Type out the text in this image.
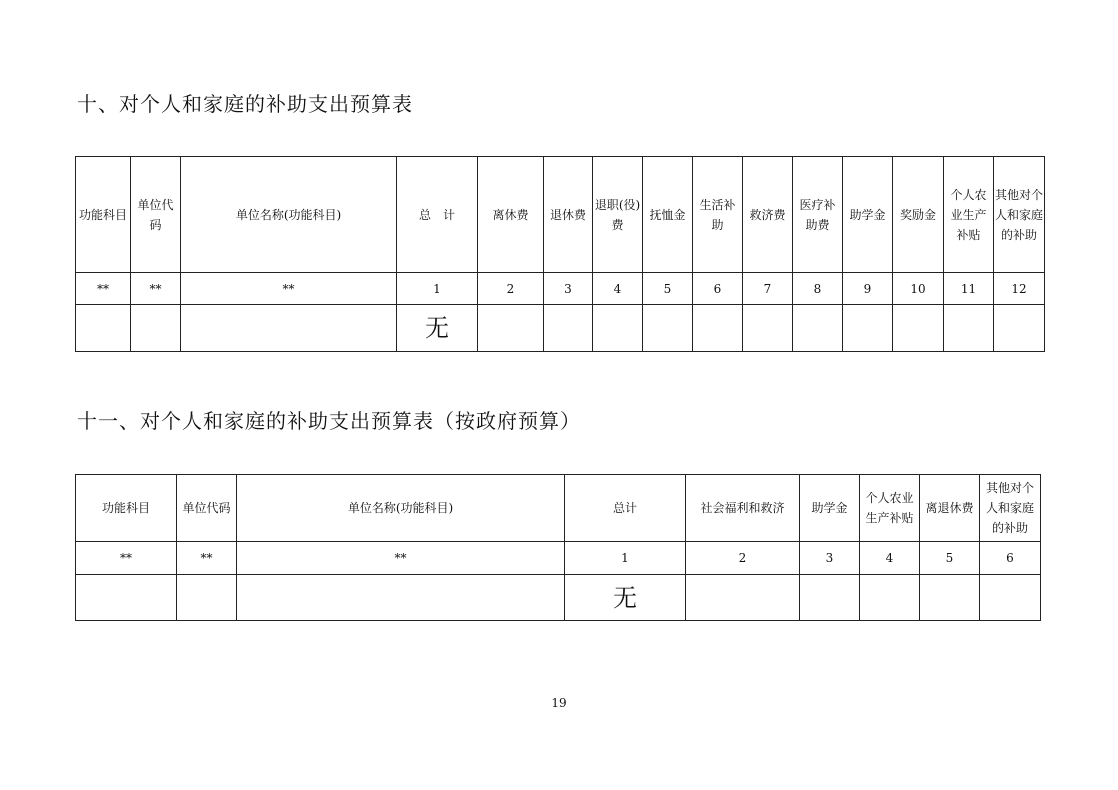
十、对个人和家庭的补助支出预算表
功能科目	单位代码	单位名称(功能科目)	总　计	离休费	退休费	退职(役)费	抚恤金	生活补助	救济费	医疗补助费	助学金	奖励金	个人农业生产补贴	其他对个人和家庭的补助
**	**	**	1	2	3	4	5	6	7	8	9	10	11	12
			无											
十一、对个人和家庭的补助支出预算表（按政府预算）
功能科目	单位代码	单位名称(功能科目)	总计	社会福利和救济	助学金	个人农业生产补贴	离退休费	其他对个人和家庭的补助
**	**	**	1	2	3	4	5	6
			无					

19
